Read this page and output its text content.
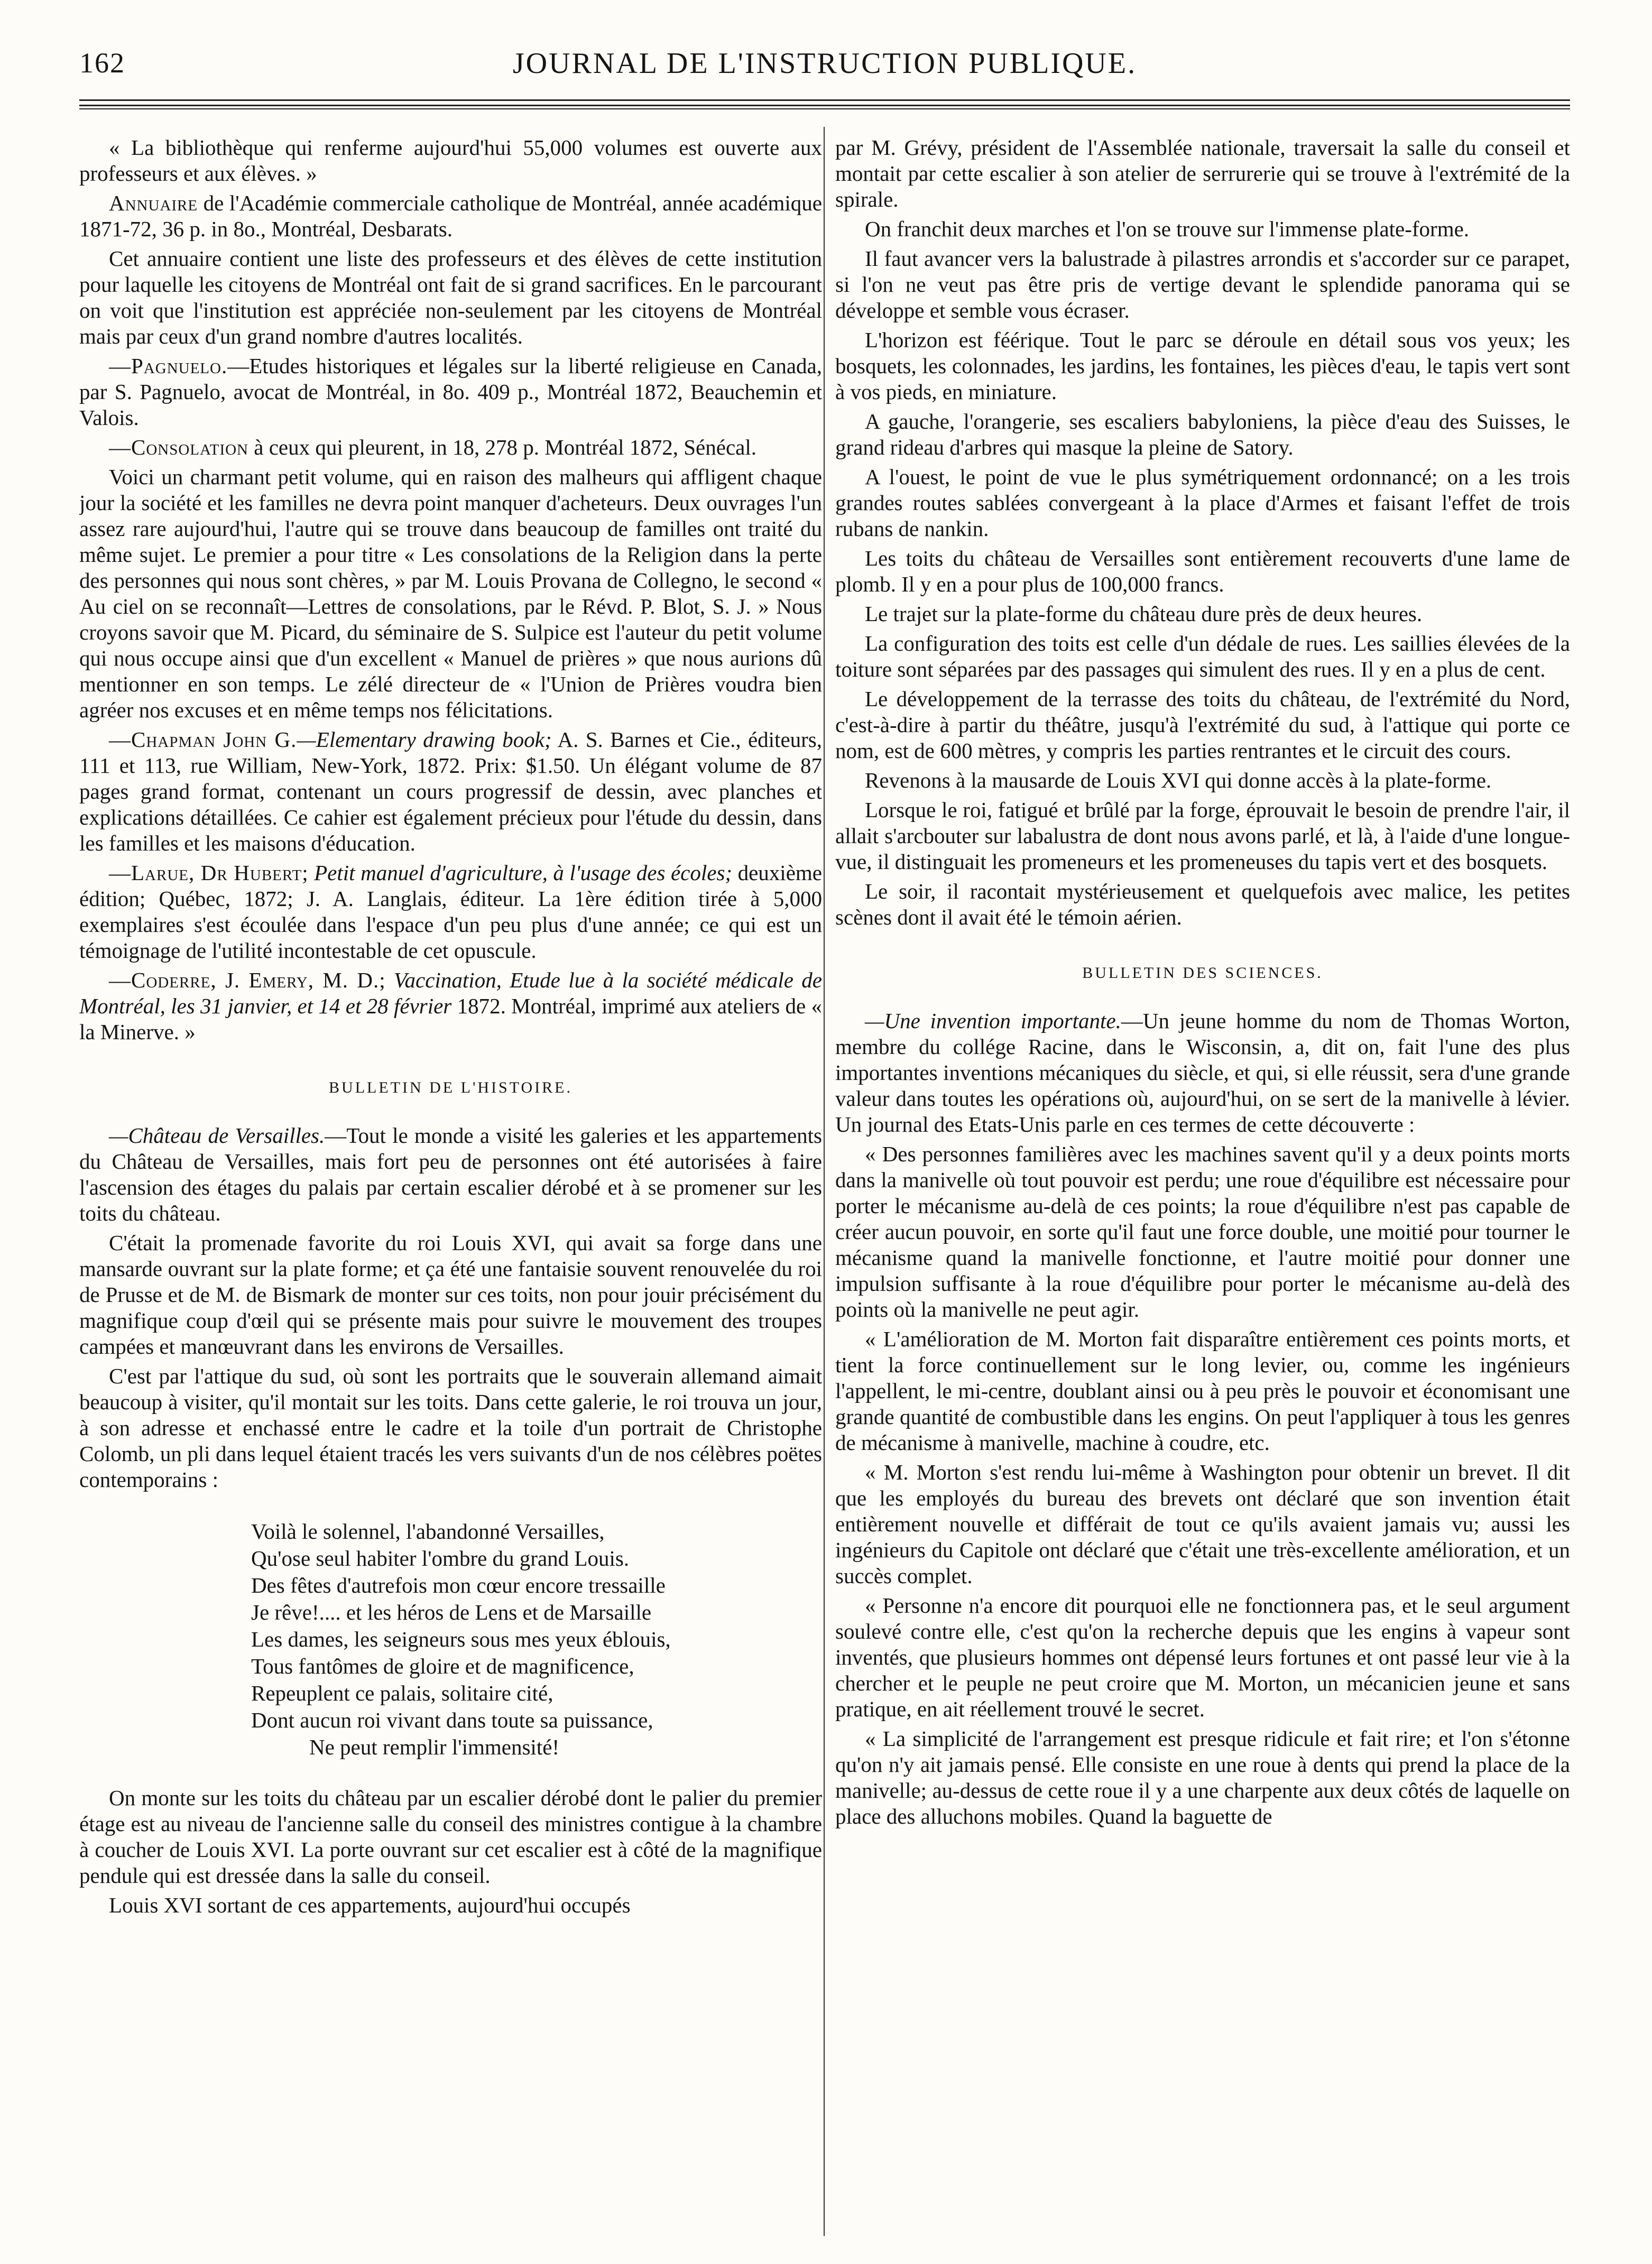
162	JOURNAL DE L'INSTRUCTION PUBLIQUE.

« La bibliothèque qui renferme aujourd'hui 55,000 volumes est ouverte aux professeurs et aux élèves. »

Annuaire de l'Académie commerciale catholique de Montréal, année académique 1871-72, 36 p. in 8o., Montréal, Desbarats.

Cet annuaire contient une liste des professeurs et des élèves de cette institution pour laquelle les citoyens de Montréal ont fait de si grand sacrifices. En le parcourant on voit que l'institution est appréciée non-seulement par les citoyens de Montréal mais par ceux d'un grand nombre d'autres localités.

—Pagnuelo.—Etudes historiques et légales sur la liberté religieuse en Canada, par S. Pagnuelo, avocat de Montréal, in 8o. 409 p., Montréal 1872, Beauchemin et Valois.

—Consolation à ceux qui pleurent, in 18, 278 p. Montréal 1872, Sénécal.

Voici un charmant petit volume, qui en raison des malheurs qui affligent chaque jour la société et les familles ne devra point manquer d'acheteurs. Deux ouvrages l'un assez rare aujourd'hui, l'autre qui se trouve dans beaucoup de familles ont traité du même sujet. Le premier a pour titre « Les consolations de la Religion dans la perte des personnes qui nous sont chères, » par M. Louis Provana de Collegno, le second « Au ciel on se reconnaît—Lettres de consolations, par le Révd. P. Blot, S. J. » Nous croyons savoir que M. Picard, du séminaire de S. Sulpice est l'auteur du petit volume qui nous occupe ainsi que d'un excellent « Manuel de prières » que nous aurions dû mentionner en son temps. Le zélé directeur de « l'Union de Prières voudra bien agréer nos excuses et en même temps nos félicitations.

—Chapman John G.—Elementary drawing book; A. S. Barnes et Cie., éditeurs, 111 et 113, rue William, New-York, 1872. Prix: $1.50. Un élégant volume de 87 pages grand format, contenant un cours progressif de dessin, avec planches et explications détaillées. Ce cahier est également précieux pour l'étude du dessin, dans les familles et les maisons d'éducation.

—Larue, Dr Hubert; Petit manuel d'agriculture, à l'usage des écoles; deuxième édition; Québec, 1872; J. A. Langlais, éditeur. La 1ère édition tirée à 5,000 exemplaires s'est écoulée dans l'espace d'un peu plus d'une année; ce qui est un témoignage de l'utilité incontestable de cet opuscule.

—Coderre, J. Emery, M. D.; Vaccination, Etude lue à la société médicale de Montréal, les 31 janvier, et 14 et 28 février 1872. Montréal, imprimé aux ateliers de « la Minerve. »

BULLETIN DE L'HISTOIRE.

—Château de Versailles.—Tout le monde a visité les galeries et les appartements du Château de Versailles, mais fort peu de personnes ont été autorisées à faire l'ascension des étages du palais par certain escalier dérobé et à se promener sur les toits du château.

C'était la promenade favorite du roi Louis XVI, qui avait sa forge dans une mansarde ouvrant sur la plate forme; et ça été une fantaisie souvent renouvelée du roi de Prusse et de M. de Bismark de monter sur ces toits, non pour jouir précisément du magnifique coup d'œil qui se présente mais pour suivre le mouvement des troupes campées et manœuvrant dans les environs de Versailles.

C'est par l'attique du sud, où sont les portraits que le souverain allemand aimait beaucoup à visiter, qu'il montait sur les toits. Dans cette galerie, le roi trouva un jour, à son adresse et enchassé entre le cadre et la toile d'un portrait de Christophe Colomb, un pli dans lequel étaient tracés les vers suivants d'un de nos célèbres poëtes contemporains :

Voilà le solennel, l'abandonné Versailles,
Qu'ose seul habiter l'ombre du grand Louis.
Des fêtes d'autrefois mon cœur encore tressaille
Je rêve!.... et les héros de Lens et de Marsaille
Les dames, les seigneurs sous mes yeux éblouis,
Tous fantômes de gloire et de magnificence,
Repeuplent ce palais, solitaire cité,
Dont aucun roi vivant dans toute sa puissance,
Ne peut remplir l'immensité!

On monte sur les toits du château par un escalier dérobé dont le palier du premier étage est au niveau de l'ancienne salle du conseil des ministres contigue à la chambre à coucher de Louis XVI. La porte ouvrant sur cet escalier est à côté de la magnifique pendule qui est dressée dans la salle du conseil.

Louis XVI sortant de ces appartements, aujourd'hui occupés

par M. Grévy, président de l'Assemblée nationale, traversait la salle du conseil et montait par cette escalier à son atelier de serrurerie qui se trouve à l'extrémité de la spirale.

On franchit deux marches et l'on se trouve sur l'immense plate-forme.

Il faut avancer vers la balustrade à pilastres arrondis et s'accorder sur ce parapet, si l'on ne veut pas être pris de vertige devant le splendide panorama qui se développe et semble vous écraser.

L'horizon est féérique. Tout le parc se déroule en détail sous vos yeux; les bosquets, les colonnades, les jardins, les fontaines, les pièces d'eau, le tapis vert sont à vos pieds, en miniature.

A gauche, l'orangerie, ses escaliers babyloniens, la pièce d'eau des Suisses, le grand rideau d'arbres qui masque la pleine de Satory.

A l'ouest, le point de vue le plus symétriquement ordonnancé; on a les trois grandes routes sablées convergeant à la place d'Armes et faisant l'effet de trois rubans de nankin.

Les toits du château de Versailles sont entièrement recouverts d'une lame de plomb. Il y en a pour plus de 100,000 francs.

Le trajet sur la plate-forme du château dure près de deux heures.

La configuration des toits est celle d'un dédale de rues. Les saillies élevées de la toiture sont séparées par des passages qui simulent des rues. Il y en a plus de cent.

Le développement de la terrasse des toits du château, de l'extrémité du Nord, c'est-à-dire à partir du théâtre, jusqu'à l'extrémité du sud, à l'attique qui porte ce nom, est de 600 mètres, y compris les parties rentrantes et le circuit des cours.

Revenons à la mausarde de Louis XVI qui donne accès à la plate-forme.

Lorsque le roi, fatigué et brûlé par la forge, éprouvait le besoin de prendre l'air, il allait s'arcbouter sur labalustra de dont nous avons parlé, et là, à l'aide d'une longue-vue, il distinguait les promeneurs et les promeneuses du tapis vert et des bosquets.

Le soir, il racontait mystérieusement et quelquefois avec malice, les petites scènes dont il avait été le témoin aérien.

BULLETIN DES SCIENCES.

—Une invention importante.—Un jeune homme du nom de Thomas Worton, membre du collége Racine, dans le Wisconsin, a, dit on, fait l'une des plus importantes inventions mécaniques du siècle, et qui, si elle réussit, sera d'une grande valeur dans toutes les opérations où, aujourd'hui, on se sert de la manivelle à lévier. Un journal des Etats-Unis parle en ces termes de cette découverte :

« Des personnes familières avec les machines savent qu'il y a deux points morts dans la manivelle où tout pouvoir est perdu; une roue d'équilibre est nécessaire pour porter le mécanisme au-delà de ces points; la roue d'équilibre n'est pas capable de créer aucun pouvoir, en sorte qu'il faut une force double, une moitié pour tourner le mécanisme quand la manivelle fonctionne, et l'autre moitié pour donner une impulsion suffisante à la roue d'équilibre pour porter le mécanisme au-delà des points où la manivelle ne peut agir.

« L'amélioration de M. Morton fait disparaître entièrement ces points morts, et tient la force continuellement sur le long levier, ou, comme les ingénieurs l'appellent, le mi-centre, doublant ainsi ou à peu près le pouvoir et économisant une grande quantité de combustible dans les engins. On peut l'appliquer à tous les genres de mécanisme à manivelle, machine à coudre, etc.

« M. Morton s'est rendu lui-même à Washington pour obtenir un brevet. Il dit que les employés du bureau des brevets ont déclaré que son invention était entièrement nouvelle et différait de tout ce qu'ils avaient jamais vu; aussi les ingénieurs du Capitole ont déclaré que c'était une très-excellente amélioration, et un succès complet.

« Personne n'a encore dit pourquoi elle ne fonctionnera pas, et le seul argument soulevé contre elle, c'est qu'on la recherche depuis que les engins à vapeur sont inventés, que plusieurs hommes ont dépensé leurs fortunes et ont passé leur vie à la chercher et le peuple ne peut croire que M. Morton, un mécanicien jeune et sans pratique, en ait réellement trouvé le secret.

« La simplicité de l'arrangement est presque ridicule et fait rire; et l'on s'étonne qu'on n'y ait jamais pensé. Elle consiste en une roue à dents qui prend la place de la manivelle; au-dessus de cette roue il y a une charpente aux deux côtés de laquelle on place des alluchons mobiles. Quand la baguette de
